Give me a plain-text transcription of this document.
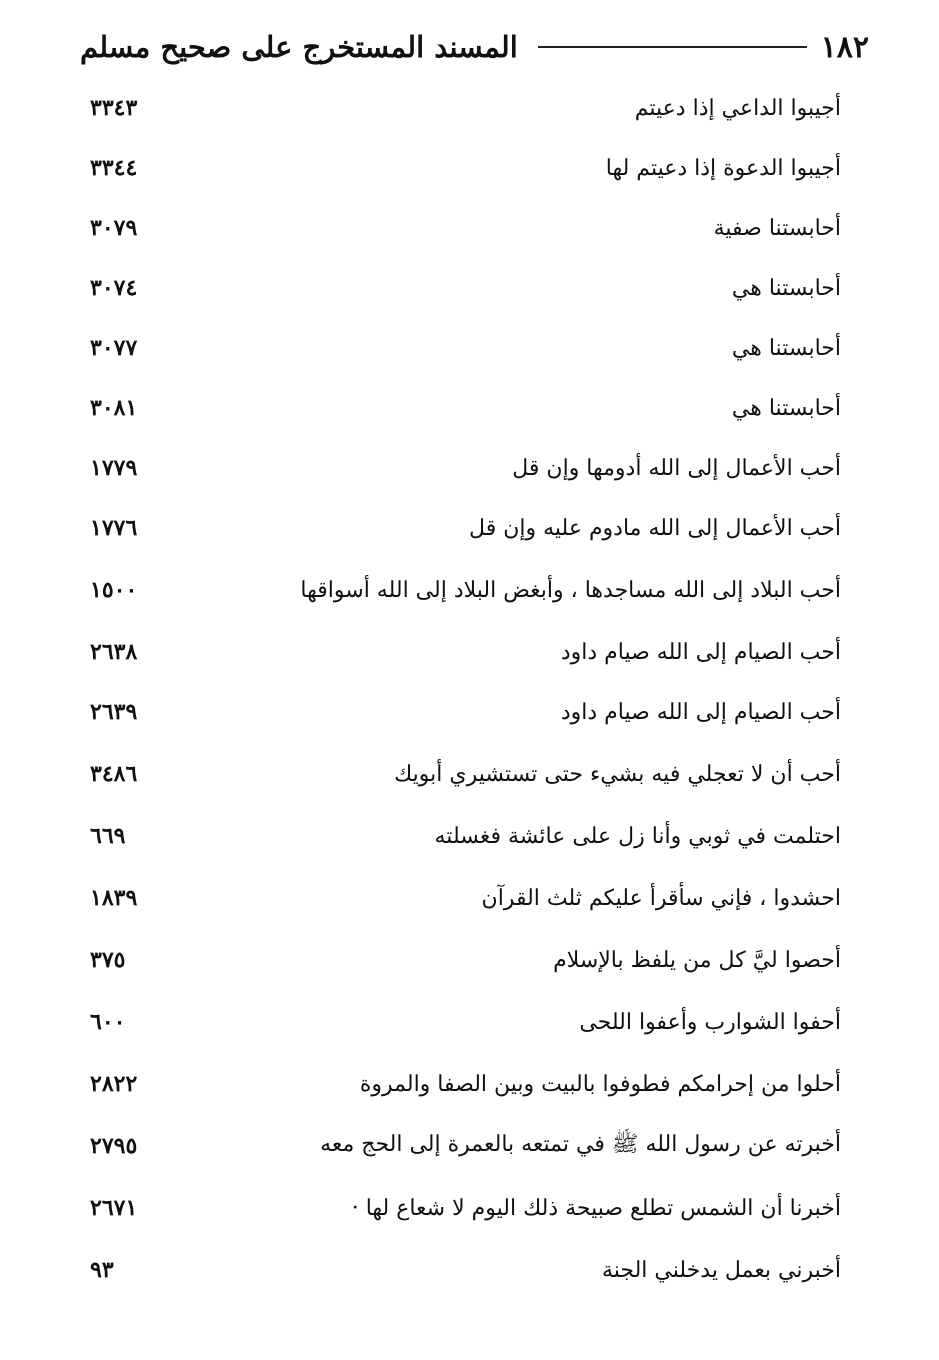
١٨٢
المسند المستخرج على صحيح مسلم
أجيبوا الداعي إذا دعيتم
٣٣٤٣
أجيبوا الدعوة إذا دعيتم لها
٣٣٤٤
أحابستنا صفية
٣٠٧٩
أحابستنا هي
٣٠٧٤
أحابستنا هي
٣٠٧٧
أحابستنا هي
٣٠٨١
أحب الأعمال إلى الله أدومها وإن قل
١٧٧٩
أحب الأعمال إلى الله مادوم عليه وإن قل
١٧٧٦
أحب البلاد إلى الله مساجدها ، وأبغض البلاد إلى الله أسواقها
١٥٠٠
أحب الصيام إلى الله صيام داود
٢٦٣٨
أحب الصيام إلى الله صيام داود
٢٦٣٩
أحب أن لا تعجلي فيه بشيء حتى تستشيري أبويك
٣٤٨٦
احتلمت في ثوبي وأنا زل على عائشة فغسلته
٦٦٩
احشدوا ، فإني سأقرأ عليكم ثلث القرآن
١٨٣٩
أحصوا ليَّ كل من يلفظ بالإسلام
٣٧٥
أحفوا الشوارب وأعفوا اللحى
٦٠٠
أحلوا من إحرامكم فطوفوا بالبيت وبين الصفا والمروة
٢٨٢٢
أخبرته عن رسول الله ﷺ في تمتعه بالعمرة إلى الحج معه
٢٧٩٥
أخبرنا أن الشمس تطلع صبيحة ذلك اليوم لا شعاع لها ·
٢٦٧١
أخبرني بعمل يدخلني الجنة
٩٣
